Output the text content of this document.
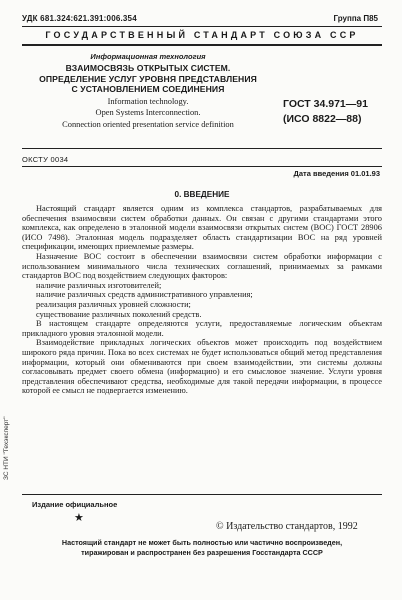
УДК 681.324:621.391:006.354	Группа П85
ГОСУДАРСТВЕННЫЙ СТАНДАРТ СОЮЗА ССР
Информационная технология
ВЗАИМОСВЯЗЬ ОТКРЫТЫХ СИСТЕМ.
ОПРЕДЕЛЕНИЕ УСЛУГ УРОВНЯ ПРЕДСТАВЛЕНИЯ
С УСТАНОВЛЕНИЕМ СОЕДИНЕНИЯ
Information technology.
Open Systems Interconnection.
Connection oriented presentation service definition
ГОСТ 34.971—91
(ИСО 8822—88)
ОКСТУ 0034
Дата введения 01.01.93
0. ВВЕДЕНИЕ

Настоящий стандарт является одним из комплекса стандартов, разрабатываемых для обеспечения взаимосвязи систем обработки данных. Он связан с другими стандартами этого комплекса, как определено в эталонной модели взаимосвязи открытых систем (ВОС) ГОСТ 28906 (ИСО 7498). Эталонная модель подразделяет область стандартизации ВОС на ряд уровней спецификации, имеющих приемлемые размеры.

Назначение ВОС состоит в обеспечении взаимосвязи систем обработки информации с использованием минимального числа технических соглашений, принимаемых за рамками стандартов ВОС под воздействием следующих факторов:

наличие различных изготовителей;

наличие различных средств административного управления;

реализация различных уровней сложности;

существование различных поколений средств.

В настоящем стандарте определяются услуги, предоставляемые логическим объектам прикладного уровня эталонной модели.

Взаимодействие прикладных логических объектов может происходить под воздействием широкого ряда причин. Пока во всех системах не будет использоваться общий метод представления информации, который они обмениваются при своем взаимодействии, эти системы должны согласовывать предмет своего обмена (информацию) и его смысловое значение. Услуги уровня представления обеспечивают средства, необходимые для такой передачи информации, в процессе которой ее смысл не подвергается изменению.

Издание официальное
★
© Издательство стандартов, 1992
Настоящий стандарт не может быть полностью или частично воспроизведен,
тиражирован и распространен без разрешения Госстандарта СССР
ЗС НТИ "Техэксперт"
